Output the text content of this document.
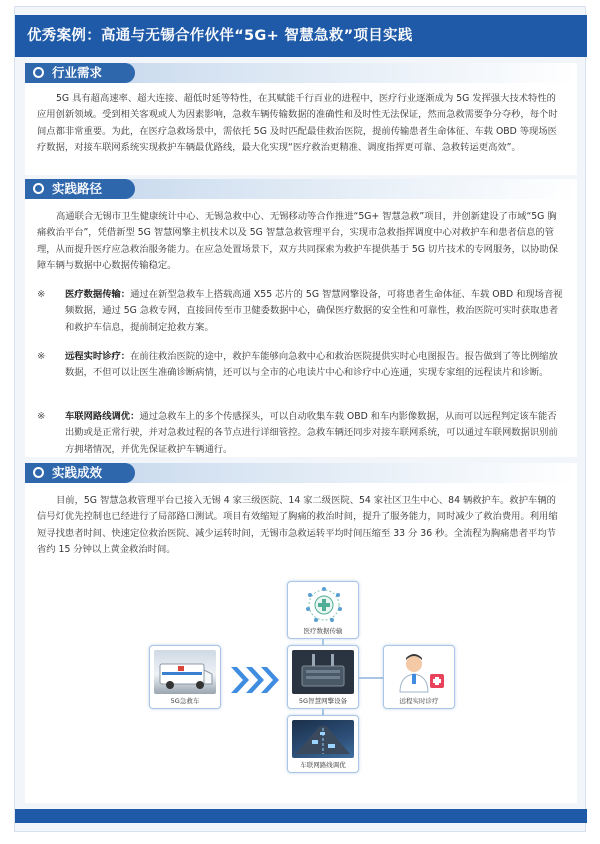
优秀案例：高通与无锡合作伙伴“5G+ 智慧急救”项目实践
行业需求
5G 具有超高速率、超大连接、超低时延等特性，在其赋能千行百业的进程中，医疗行业逐渐成为 5G 发挥强大技术特性的应用创新领域。受到相关客观或人为因素影响，急救车辆传输数据的准确性和及时性无法保证，然而急救需要争分夺秒，每个时间点都非常重要。为此，在医疗急救场景中，需依托 5G 及时匹配最佳救治医院，提前传输患者生命体征、车载 OBD 等现场医疗数据，对接车联网系统实现救护车辆最优路线，最大化实现“医疗救治更精准、调度指挥更可靠、急救转运更高效”。
实践路径
高通联合无锡市卫生健康统计中心、无锡急救中心、无锡移动等合作推进“5G+ 智慧急救”项目，并创新建设了市域“5G 胸痛救治平台”，凭借新型 5G 智慧网擎主机技术以及 5G 智慧急救管理平台，实现市急救指挥调度中心对救护车和患者信息的管理，从而提升医疗应急救治服务能力。在应急处置场景下，双方共同探索为救护车提供基于 5G 切片技术的专网服务，以协助保障车辆与数据中心数据传输稳定。
※ 医疗数据传输：通过在新型急救车上搭载高通 X55 芯片的 5G 智慧网擎设备，可将患者生命体征、车载 OBD 和现场音视频数据，通过 5G 急救专网，直接回传至市卫健委数据中心，确保医疗数据的安全性和可靠性，救治医院可实时获取患者和救护车信息，提前制定抢救方案。
※ 远程实时诊疗：在前往救治医院的途中，救护车能够向急救中心和救治医院提供实时心电图报告。报告做到了等比例缩放数据，不但可以让医生准确诊断病情，还可以与全市的心电读片中心和诊疗中心连通，实现专家组的远程读片和诊断。
※ 车联网路线调优：通过急救车上的多个传感探头，可以自动收集车载 OBD 和车内影像数据，从而可以远程判定该车能否出勤或是正常行驶，并对急救过程的各节点进行详细管控。急救车辆还同步对接车联网系统，可以通过车联网数据识别前方拥堵情况，并优先保证救护车辆通行。
实践成效
目前，5G 智慧急救管理平台已接入无锡 4 家三级医院、14 家二级医院、54 家社区卫生中心、84 辆救护车。救护车辆的信号灯优先控制也已经进行了局部路口测试。项目有效缩短了胸痛的救治时间，提升了服务能力，同时减少了救治费用。利用缩短寻找患者时间、快速定位救治医院、减少运转时间，无锡市急救运转平均时间压缩至 33 分 36 秒。全流程为胸痛患者平均节省约 15 分钟以上黄金救治时间。
医疗数据传输
5G急救车	5G智慧网擎设备	远程实时诊疗
车联网路线调优
